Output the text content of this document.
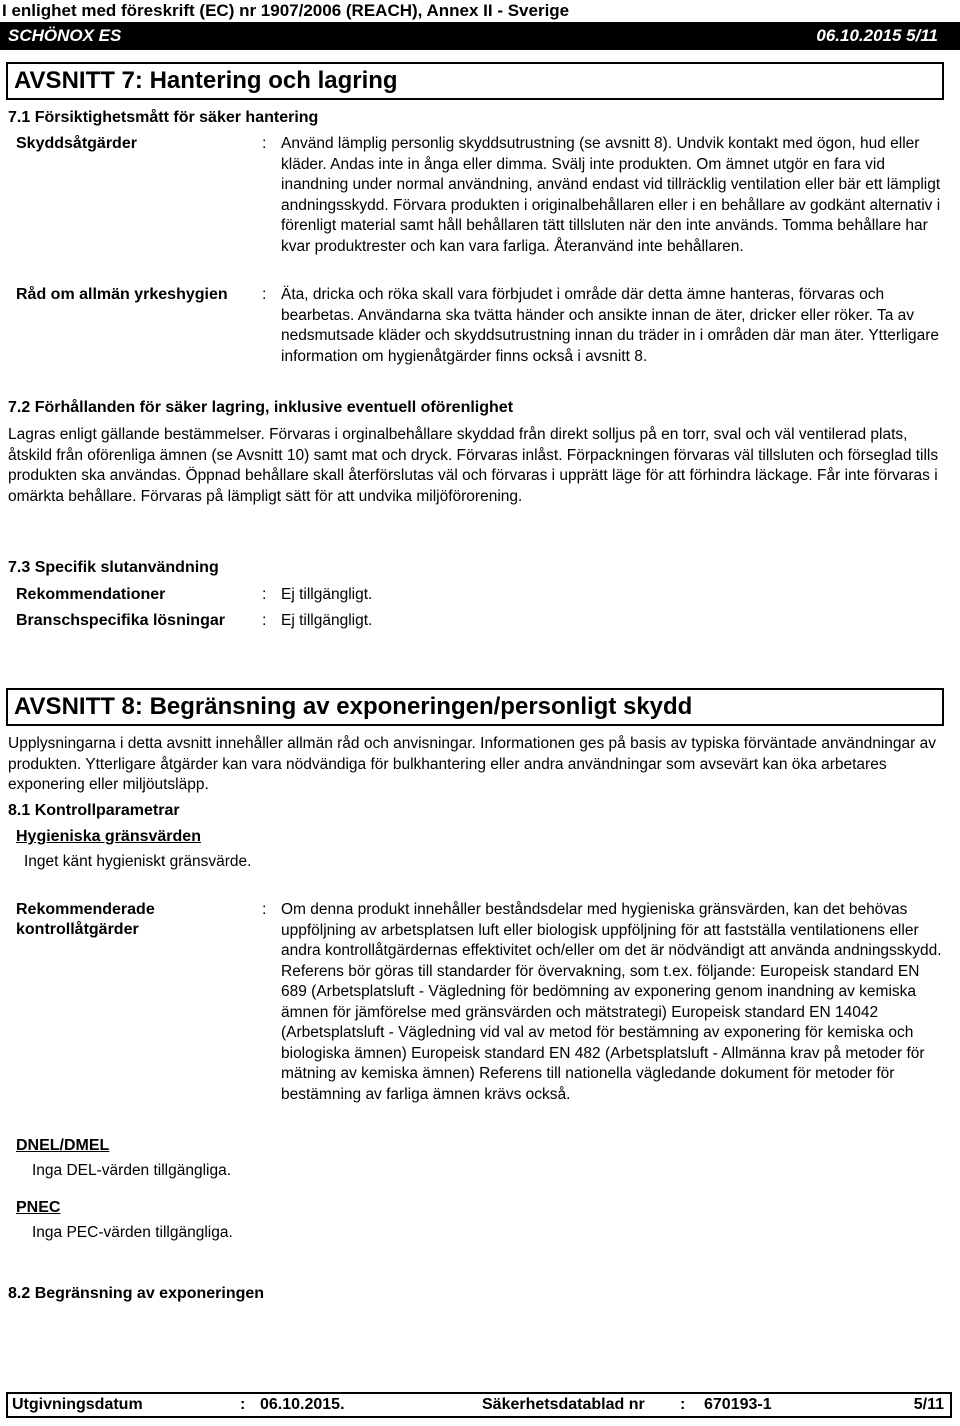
I enlighet med föreskrift (EC) nr 1907/2006 (REACH), Annex II - Sverige
SCHÖNOX ES	06.10.2015 5/11
AVSNITT 7: Hantering och lagring
7.1 Försiktighetsmått för säker hantering
Skyddsåtgärder	: Använd lämplig personlig skyddsutrustning (se avsnitt 8). Undvik kontakt med ögon, hud eller kläder. Andas inte in ånga eller dimma. Svälj inte produkten. Om ämnet utgör en fara vid inandning under normal användning, använd endast vid tillräcklig ventilation eller bär ett lämpligt andningsskydd. Förvara produkten i originalbehållaren eller i en behållare av godkänt alternativ i förenligt material samt håll behållaren tätt tillsluten när den inte används. Tomma behållare har kvar produktrester och kan vara farliga. Återanvänd inte behållaren.
Råd om allmän yrkeshygien : Äta, dricka och röka skall vara förbjudet i område där detta ämne hanteras, förvaras och bearbetas. Användarna ska tvätta händer och ansikte innan de äter, dricker eller röker. Ta av nedsmutsade kläder och skyddsutrustning innan du träder in i områden där man äter. Ytterligare information om hygienåtgärder finns också i avsnitt 8.
7.2 Förhållanden för säker lagring, inklusive eventuell oförenlighet
Lagras enligt gällande bestämmelser. Förvaras i orginalbehållare skyddad från direkt solljus på en torr, sval och väl ventilerad plats, åtskild från oförenliga ämnen (se Avsnitt 10) samt mat och dryck. Förvaras inlåst. Förpackningen förvaras väl tillsluten och förseglad tills produkten ska användas. Öppnad behållare skall återförslutas väl och förvaras i upprätt läge för att förhindra läckage. Får inte förvaras i omärkta behållare. Förvaras på lämpligt sätt för att undvika miljöförorening.
7.3 Specifik slutanvändning
Rekommendationer	: Ej tillgängligt.
Branschspecifika lösningar : Ej tillgängligt.
AVSNITT 8: Begränsning av exponeringen/personligt skydd
Upplysningarna i detta avsnitt innehåller allmän råd och anvisningar. Informationen ges på basis av typiska förväntade användningar av produkten. Ytterligare åtgärder kan vara nödvändiga för bulkhantering eller andra användningar som avsevärt kan öka arbetares exponering eller miljöutsläpp.
8.1 Kontrollparametrar
Hygieniska gränsvärden
Inget känt hygieniskt gränsvärde.
Rekommenderade kontrollåtgärder
: Om denna produkt innehåller beståndsdelar med hygieniska gränsvärden, kan det behövas uppföljning av arbetsplatsen luft eller biologisk uppföljning för att fastställa ventilationens eller andra kontrollåtgärdernas effektivitet och/eller om det är nödvändigt att använda andningsskydd. Referens bör göras till standarder för övervakning, som t.ex. följande: Europeisk standard EN 689 (Arbetsplatsluft - Vägledning för bedömning av exponering genom inandning av kemiska ämnen för jämförelse med gränsvärden och mätstrategi) Europeisk standard EN 14042 (Arbetsplatsluft - Vägledning vid val av metod för bestämning av exponering för kemiska och biologiska ämnen) Europeisk standard EN 482 (Arbetsplatsluft - Allmänna krav på metoder för mätning av kemiska ämnen) Referens till nationella vägledande dokument för metoder för bestämning av farliga ämnen krävs också.
DNEL/DMEL
Inga DEL-värden tillgängliga.
PNEC
Inga PEC-värden tillgängliga.
8.2 Begränsning av exponeringen
Utgivningsdatum	: 06.10.2015.	Säkerhetsdatablad nr : 670193-1	5/11
